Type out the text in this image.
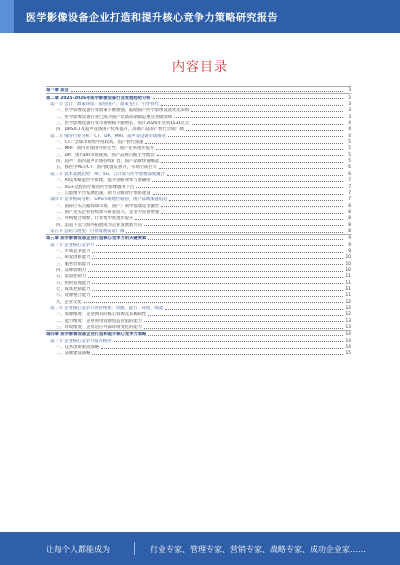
医学影像设备企业打造和提升核心竞争力策略研究报告
内容目录
第一章 前言	3
第二章 2025-2026年医学影像设备行业发展趋势分析	3
第一节 会计、政策环境：促进国产、政策先行、引导替代	3
一、医学影像设备行业政策不断加强，鼓励国产医学影像设备优先采购	3
二、医学影像设备行业已成为国产装备高端制造重点突破领域	3
三、医学影像设备行业市场规模不断增长，预计2026年达到1531亿元	4
四、DRS/CT及超声设备国产化率提升，高端产品国产替代空间广阔	4
第二节 细分行业分析：CT、DR、MRI、超声等设备市场情况	4
一、CT：全球市场集中度较高，国产替代加速	5
二、MRI：国内市场由外资主导，国产化率逐步提升	5
三、DR：国内DR市场成熟，国产品牌占据主导地位	5
四、超声：国内超声市场持续扩容，国产品牌快速崛起	5
五、核医学PET/CT：国内配置证放开，市场空间巨大	6
第三节 技术发展趋势：AI、5G、云计算与医学影像深度融合	6
一、AI技术赋能医学影像，提升诊断效率与准确度	7
二、5G+远程医疗推动医学影像服务下沉	7
三、云影像平台发展迅速，助力分级诊疗体系建设	7
第四节 竞争格局分析：GPS市场地位稳固，国产品牌加速追赶	7
一、国际巨头占据高端市场，国产厂商中低端竞争激烈	8
二、国产龙头企业持续加大研发投入，竞争力显著增强	8
三、并购整合频繁，行业集中度逐步提升	8
四、渠道下沉与海外拓展成为企业发展新方向	8
第五节 总结与展望：行业发展前景广阔	8
第三章 医学影像设备企业打造核心竞争力的关键要素	9
第一节 企业核心竞争力	9
一、市场竞争能力	9
二、研发创新能力	10
三、服务营销能力	10
四、品牌影响力	10
五、渠道控制力	11
六、组织管理能力	11
七、成本控制能力	11
八、资源整合能力	11
九、企业文化	12
第二节 企业核心竞争力评价体系：资源、能力、环境、绩效	12
一、资源维度：企业拥有的核心资源及其稀缺性	12
二、能力维度：企业利用资源创造价值的能力	13
三、环境维度：企业适应外部环境变化的能力	13
第四章 医学影像设备企业打造和提升核心竞争力策略	14
第一节 企业核心竞争力提升路径	14
一、技术创新驱动战略	14
二、品牌建设战略	15
让每个人都能成为	行业专家、管理专家、营销专家、战略专家、成功企业家……
